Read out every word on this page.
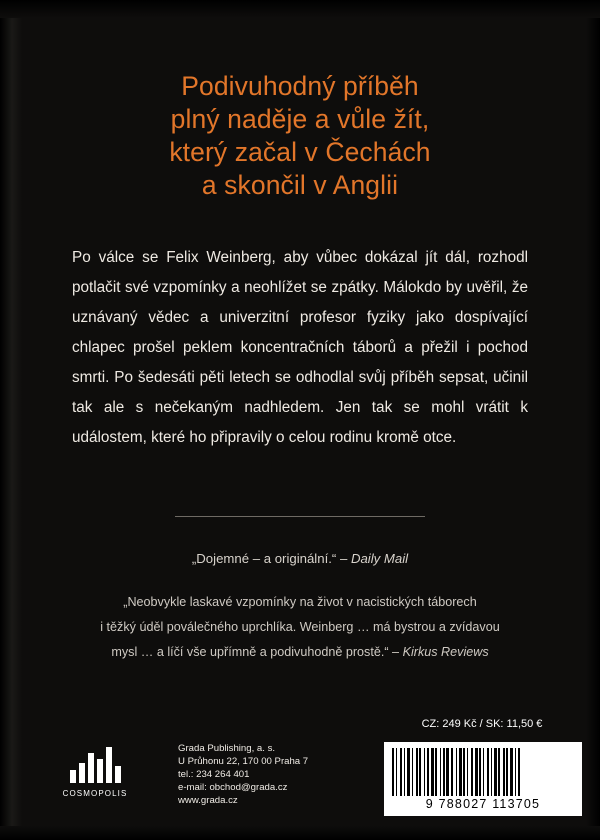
Podivuhodný příběh
plný naděje a vůle žít,
který začal v Čechách
a skončil v Anglii
Po válce se Felix Weinberg, aby vůbec dokázal jít dál, rozhodl potlačit své vzpomínky a neohlížet se zpátky. Málokdo by uvěřil, že uznávaný vědec a univerzitní profesor fyziky jako dospívající chlapec prošel peklem koncentračních táborů a přežil i pochod smrti. Po šedesáti pěti letech se odhodlal svůj příběh sepsat, učinil tak ale s nečekaným nadhledem. Jen tak se mohl vrátit k událostem, které ho připravily o celou rodinu kromě otce.
„Dojemné – a originální.“ – Daily Mail
„Neobvykle laskavé vzpomínky na život v nacistických táborech
i těžký úděl poválečného uprchlíka. Weinberg … má bystrou a zvídavou
mysl … a líčí vše upřímně a podivuhodně prostě.“ – Kirkus Reviews
COSMOPOLIS
Grada Publishing, a. s.
U Průhonu 22, 170 00 Praha 7
tel.: 234 264 401
e-mail: obchod@grada.cz
www.grada.cz
CZ: 249 Kč / SK: 11,50 €
9 788027 113705
